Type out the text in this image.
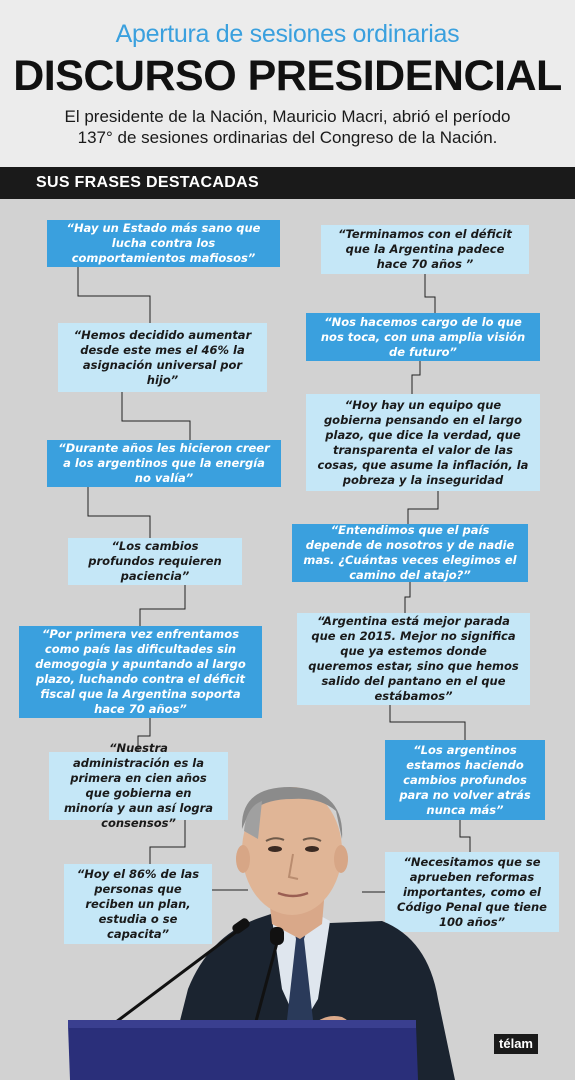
Apertura de sesiones ordinarias
DISCURSO PRESIDENCIAL
El presidente de la Nación, Mauricio Macri, abrió el período
137° de sesiones ordinarias del Congreso de la Nación.
SUS FRASES DESTACADAS
“Hay un Estado más sano que lucha contra los comportamientos mafiosos”
“Terminamos con el déficit que la Argentina padece hace 70 años ”
“Hemos decidido aumentar desde este mes el 46% la asignación universal por hijo”
“Nos hacemos cargo de lo que nos toca, con una amplia visión de futuro”
“Hoy hay un equipo que gobierna pensando en el largo plazo, que dice la verdad, que transparenta el valor de las cosas, que asume la inflación, la pobreza y la inseguridad
“Durante años les hicieron creer a los argentinos que la energía no valía”
“Entendimos que el país depende de nosotros y de nadie mas. ¿Cuántas veces elegimos el camino del atajo?”
“Los cambios profundos requieren paciencia”
“Argentina está mejor parada que en 2015. Mejor no significa que ya estemos donde queremos estar, sino que hemos salido del pantano en el que estábamos”
“Por primera vez enfrentamos como país las dificultades sin demogogia y apuntando al largo plazo, luchando contra el déficit fiscal que la Argentina soporta hace 70 años”
“Los argentinos estamos haciendo cambios profundos para no volver atrás nunca más”
“Nuestra administración es la primera en cien años que gobierna en minoría y aun así logra consensos”
“Necesitamos que se aprueben reformas importantes, como el Código Penal que tiene 100 años”
“Hoy el 86% de las personas que reciben un plan, estudia o se capacita”
télam
